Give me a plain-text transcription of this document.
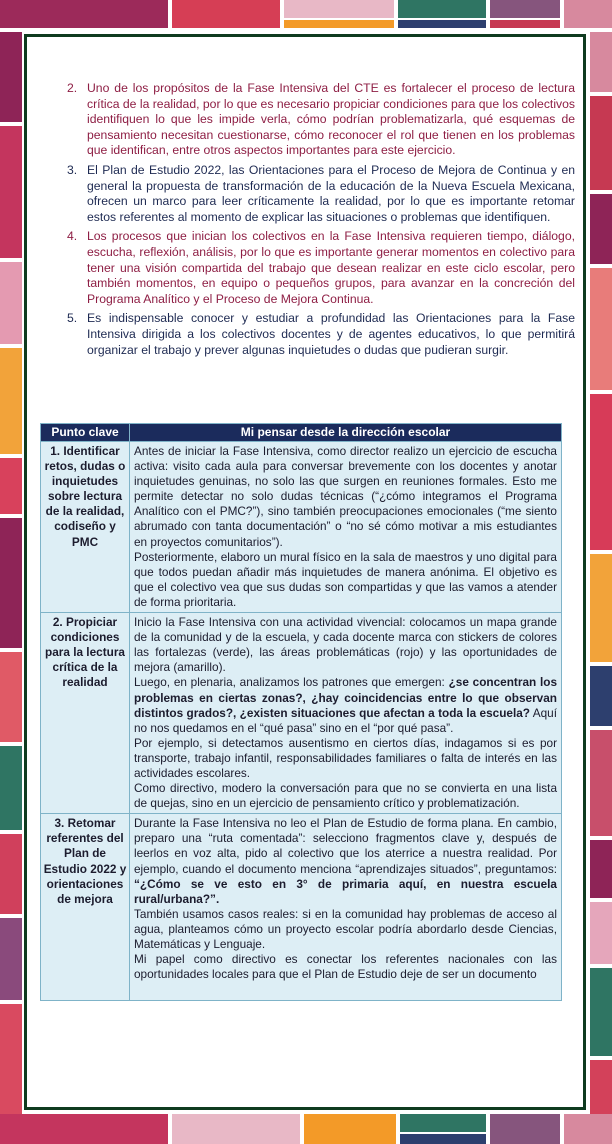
2. Uno de los propósitos de la Fase Intensiva del CTE es fortalecer el proceso de lectura crítica de la realidad, por lo que es necesario propiciar condiciones para que los colectivos identifiquen lo que les impide verla, cómo podrían problematizarla, qué esquemas de pensamiento necesitan cuestionarse, cómo reconocer el rol que tienen en los problemas que identifican, entre otros aspectos importantes para este ejercicio.
3. El Plan de Estudio 2022, las Orientaciones para el Proceso de Mejora de Continua y en general la propuesta de transformación de la educación de la Nueva Escuela Mexicana, ofrecen un marco para leer críticamente la realidad, por lo que es importante retomar estos referentes al momento de explicar las situaciones o problemas que identifiquen.
4. Los procesos que inician los colectivos en la Fase Intensiva requieren tiempo, diálogo, escucha, reflexión, análisis, por lo que es importante generar momentos en colectivo para tener una visión compartida del trabajo que desean realizar en este ciclo escolar, pero también momentos, en equipo o pequeños grupos, para avanzar en la concreción del Programa Analítico y el Proceso de Mejora Continua.
5. Es indispensable conocer y estudiar a profundidad las Orientaciones para la Fase Intensiva dirigida a los colectivos docentes y de agentes educativos, lo que permitirá organizar el trabajo y prever algunas inquietudes o dudas que pudieran surgir.
Punto clave	Mi pensar desde la dirección escolar
1. Identificar retos, dudas o inquietudes sobre lectura de la realidad, codiseño y PMC	Antes de iniciar la Fase Intensiva, como director realizo un ejercicio de escucha activa: visito cada aula para conversar brevemente con los docentes y anotar inquietudes genuinas, no solo las que surgen en reuniones formales. Esto me permite detectar no solo dudas técnicas (“¿cómo integramos el Programa Analítico con el PMC?”), sino también preocupaciones emocionales (“me siento abrumado con tanta documentación” o “no sé cómo motivar a mis estudiantes en proyectos comunitarios”).

Posteriormente, elaboro un mural físico en la sala de maestros y uno digital para que todos puedan añadir más inquietudes de manera anónima. El objetivo es que el colectivo vea que sus dudas son compartidas y que las vamos a atender de forma prioritaria.

2. Propiciar condiciones para la lectura crítica de la realidad	Inicio la Fase Intensiva con una actividad vivencial: colocamos un mapa grande de la comunidad y de la escuela, y cada docente marca con stickers de colores las fortalezas (verde), las áreas problemáticas (rojo) y las oportunidades de mejora (amarillo).

Luego, en plenaria, analizamos los patrones que emergen: ¿se concentran los problemas en ciertas zonas?, ¿hay coincidencias entre lo que observan distintos grados?, ¿existen situaciones que afectan a toda la escuela? Aquí no nos quedamos en el “qué pasa” sino en el “por qué pasa”.

Por ejemplo, si detectamos ausentismo en ciertos días, indagamos si es por transporte, trabajo infantil, responsabilidades familiares o falta de interés en las actividades escolares.

Como directivo, modero la conversación para que no se convierta en una lista de quejas, sino en un ejercicio de pensamiento crítico y problematización.

3. Retomar referentes del Plan de Estudio 2022 y orientaciones de mejora	Durante la Fase Intensiva no leo el Plan de Estudio de forma plana. En cambio, preparo una “ruta comentada”: selecciono fragmentos clave y, después de leerlos en voz alta, pido al colectivo que los aterrice a nuestra realidad. Por ejemplo, cuando el documento menciona “aprendizajes situados”, preguntamos: “¿Cómo se ve esto en 3° de primaria aquí, en nuestra escuela rural/urbana?”.

También usamos casos reales: si en la comunidad hay problemas de acceso al agua, planteamos cómo un proyecto escolar podría abordarlo desde Ciencias, Matemáticas y Lenguaje.

Mi papel como directivo es conectar los referentes nacionales con las oportunidades locales para que el Plan de Estudio deje de ser un documento
